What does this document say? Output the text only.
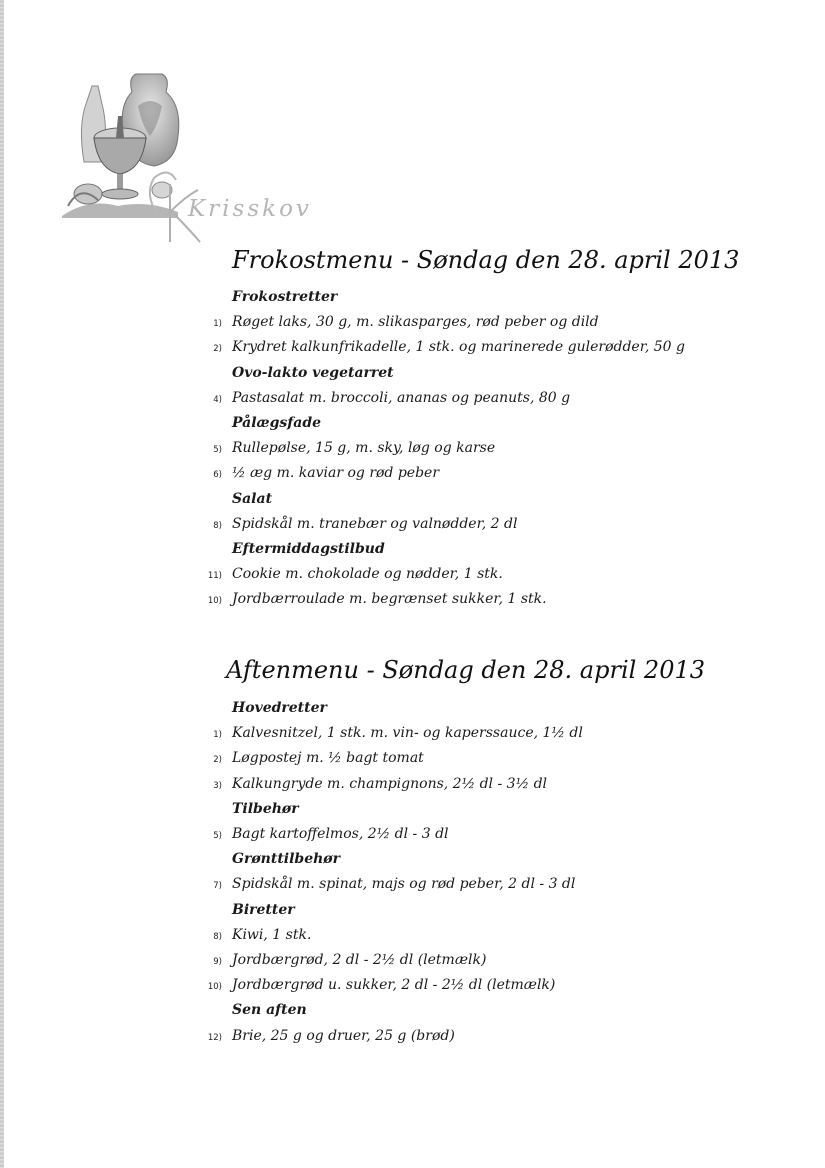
Krisskov
Frokostmenu - Søndag den 28. april 2013
Frokostretter
1) Røget laks, 30 g, m. slikasparges, rød peber og dild
2) Krydret kalkunfrikadelle, 1 stk. og marinerede gulerødder, 50 g
Ovo-lakto vegetarret
4) Pastasalat m. broccoli, ananas og peanuts, 80 g
Pålægsfade
5) Rullepølse, 15 g, m. sky, løg og karse
6) ½ æg m. kaviar og rød peber
Salat
8) Spidskål m. tranebær og valnødder, 2 dl
Eftermiddagstilbud
11) Cookie m. chokolade og nødder, 1 stk.
10) Jordbærroulade m. begrænset sukker, 1 stk.
Aftenmenu - Søndag den 28. april 2013
Hovedretter
1) Kalvesnitzel, 1 stk. m. vin- og kaperssauce, 1½ dl
2) Løgpostej m. ½ bagt tomat
3) Kalkungryde m. champignons, 2½ dl - 3½ dl
Tilbehør
5) Bagt kartoffelmos, 2½ dl - 3 dl
Grønttilbehør
7) Spidskål m. spinat, majs og rød peber, 2 dl - 3 dl
Biretter
8) Kiwi, 1 stk.
9) Jordbærgrød, 2 dl - 2½ dl (letmælk)
10) Jordbærgrød u. sukker, 2 dl - 2½ dl (letmælk)
Sen aften
12) Brie, 25 g og druer, 25 g (brød)
